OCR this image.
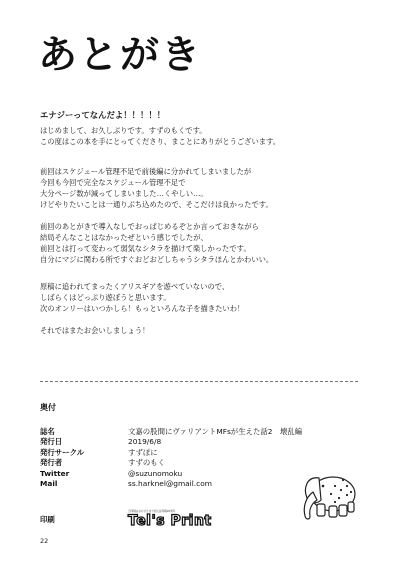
あとがき
エナジーってなんだよ！！！！！

はじめまして、お久しぶりです。すずのもくです。
この度はこの本を手にとってくださり、まことにありがとうございます。

前回はスケジュール管理不足で前後編に分かれてしまいましたが
今回も今回で完全なスケジュール管理不足で
大分ページ数が減ってしまいました…くやしい…。
けどやりたいことは一通りぶち込めたので、そこだけは良かったです。

前回のあとがきで導入なしでおっぱじめるぞとか言っておきながら
結局そんなことはなかったぜという感じでしたが、
前回とは打って変わって弱気なシタラを描けて楽しかったです。
自分にマジに関わる所ですぐおどおどしちゃうシタラほんとかわいい。

原稿に追われてまったくアリスギアを遊べていないので、
しばらくはどっぷり遊ぼうと思います。
次のオンリーはいつかしら！もっといろんな子を描きたいわ！

それではまたお会いしましょう！

奥付
誌名	文嘉の股間にヴァリアントMFsが生えた話2　壊乱編
発行日	2019/6/8
発行サークル	すずぽに
発行者	すずのもく
Twitter	@suzunomoku
Mail	ss.harknel@gmail.com
印刷
当印刷はおかげさまで同人誌印刷20周年
Tel's Print
22
